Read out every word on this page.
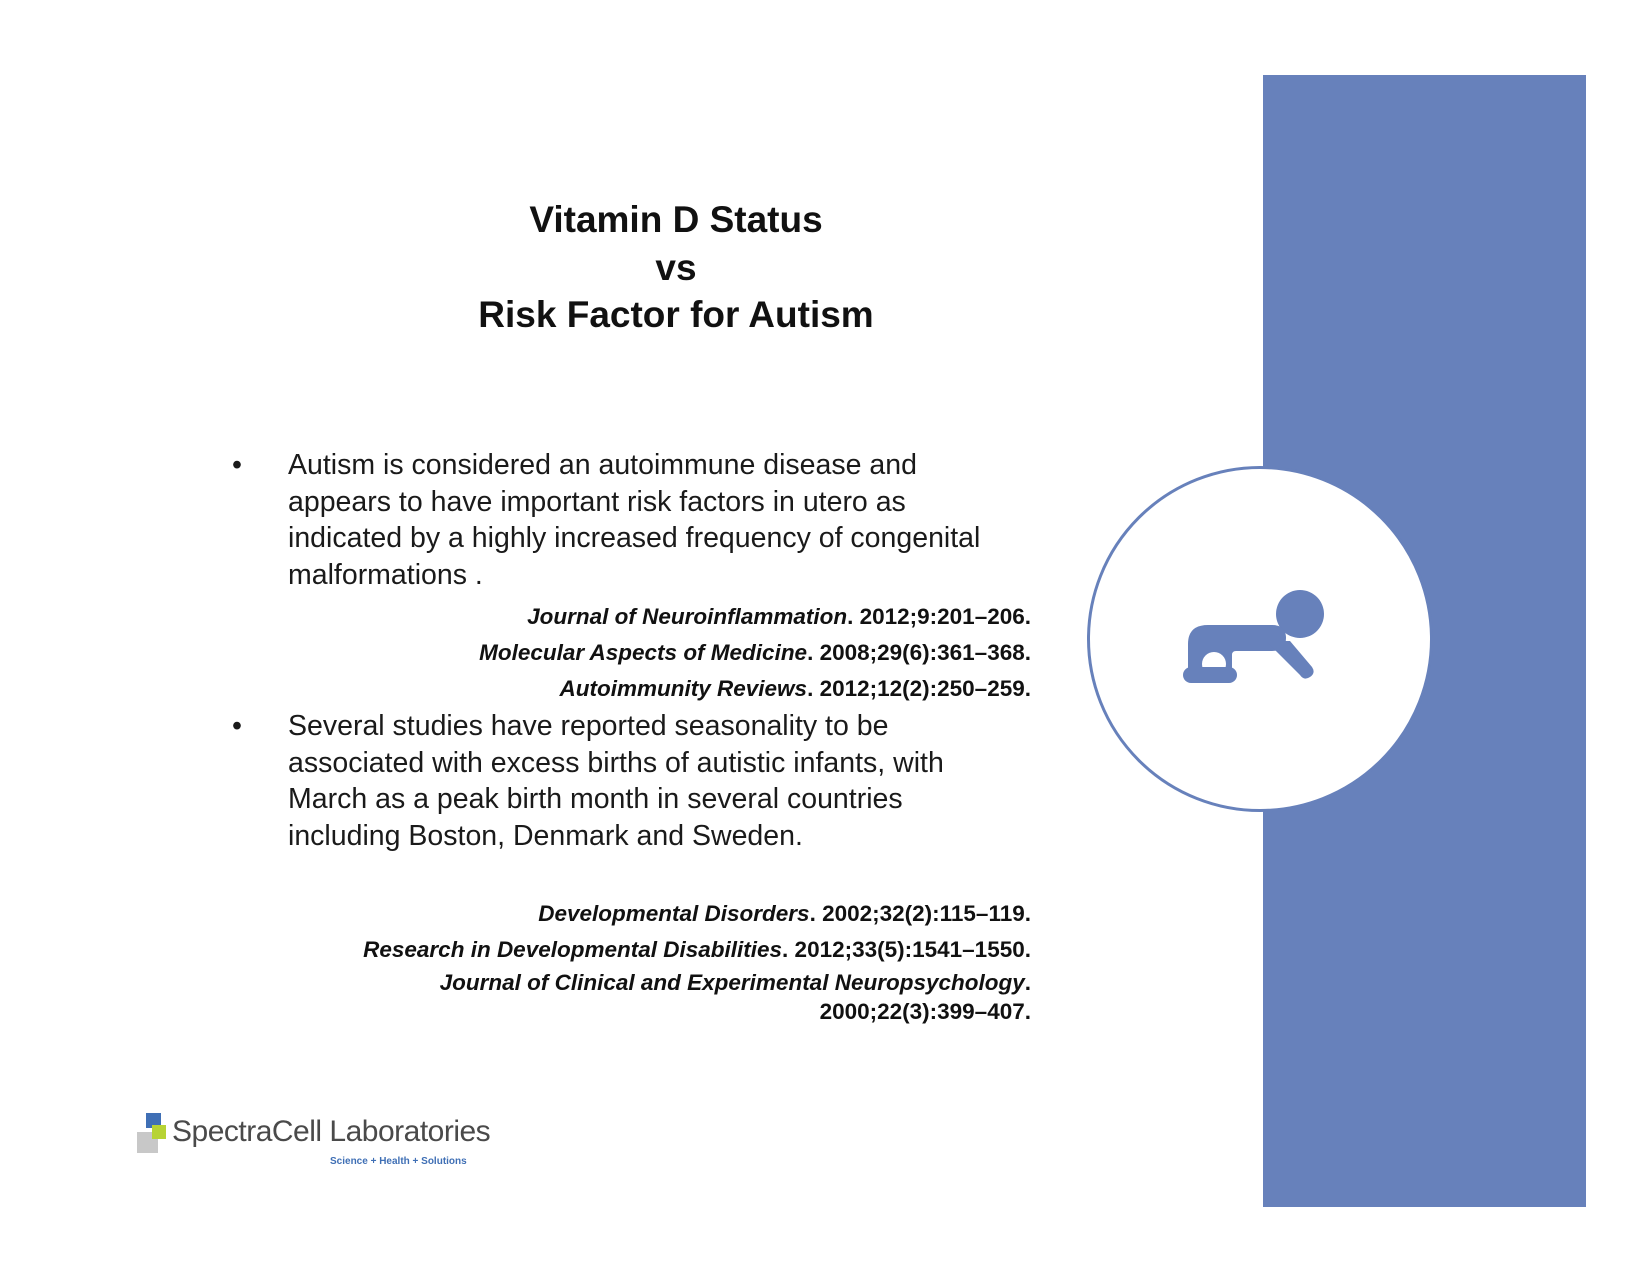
Vitamin D Status
vs
Risk Factor for Autism
•	Autism is considered an autoimmune disease and appears to have important risk factors in utero as indicated by a highly increased frequency of congenital malformations .
Journal of Neuroinflammation. 2012;9:201–206.
Molecular Aspects of Medicine. 2008;29(6):361–368.
Autoimmunity Reviews. 2012;12(2):250–259.
•	Several studies have reported seasonality to be associated with excess births of autistic infants, with March as a peak birth month in several countries including Boston, Denmark and Sweden.
Developmental Disorders. 2002;32(2):115–119.
Research in Developmental Disabilities. 2012;33(5):1541–1550.
Journal of Clinical and Experimental Neuropsychology.
2000;22(3):399–407.
SpectraCell Laboratories
Science + Health + Solutions
